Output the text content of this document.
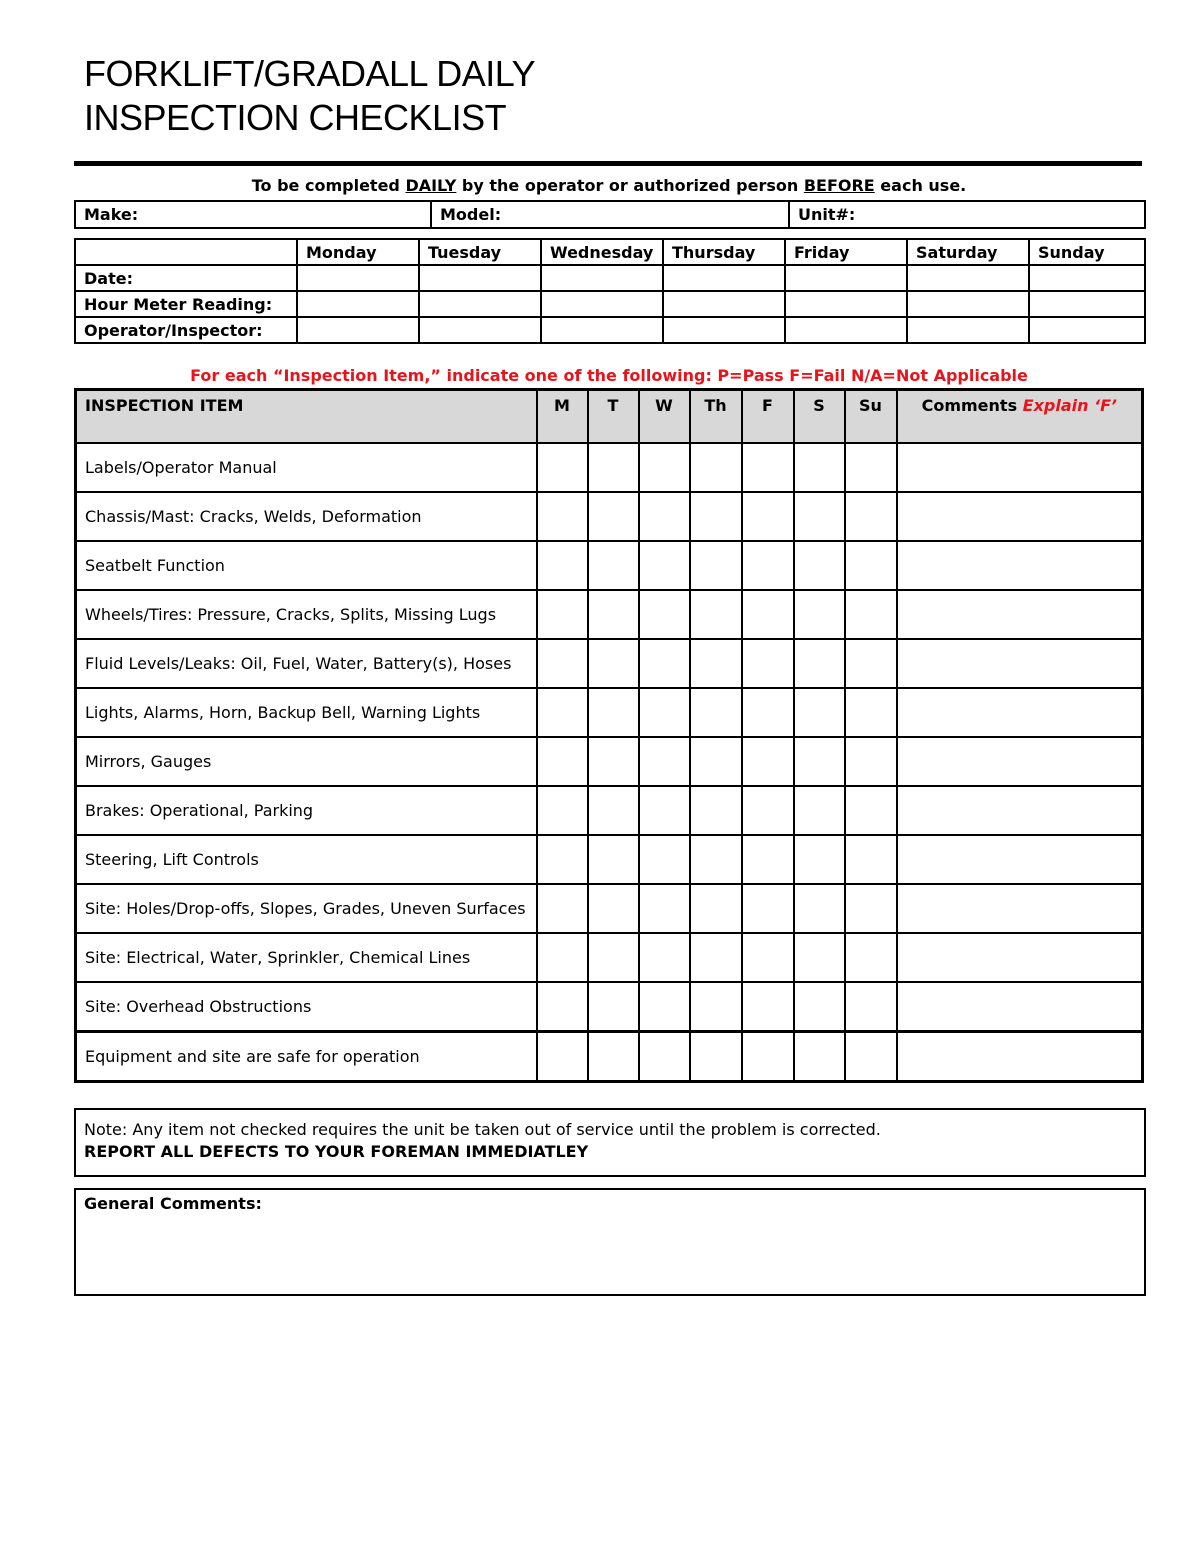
FORKLIFT/GRADALL DAILY
INSPECTION CHECKLIST
To be completed DAILY by the operator or authorized person BEFORE each use.
Make:	Model:	Unit#:
	Monday	Tuesday	Wednesday	Thursday	Friday	Saturday	Sunday
Date:							
Hour Meter Reading:							
Operator/Inspector:							
For each “Inspection Item,” indicate one of the following: P=Pass F=Fail N/A=Not Applicable
INSPECTION ITEM	M	T	W	Th	F	S	Su	Comments Explain ‘F’
Labels/Operator Manual								
Chassis/Mast: Cracks, Welds, Deformation								
Seatbelt Function								
Wheels/Tires: Pressure, Cracks, Splits, Missing Lugs								
Fluid Levels/Leaks: Oil, Fuel, Water, Battery(s), Hoses								
Lights, Alarms, Horn, Backup Bell, Warning Lights								
Mirrors, Gauges								
Brakes: Operational, Parking								
Steering, Lift Controls								
Site: Holes/Drop-offs, Slopes, Grades, Uneven Surfaces								
Site: Electrical, Water, Sprinkler, Chemical Lines								
Site: Overhead Obstructions								
Equipment and site are safe for operation								
Note: Any item not checked requires the unit be taken out of service until the problem is corrected.
REPORT ALL DEFECTS TO YOUR FOREMAN IMMEDIATLEY
General Comments:
